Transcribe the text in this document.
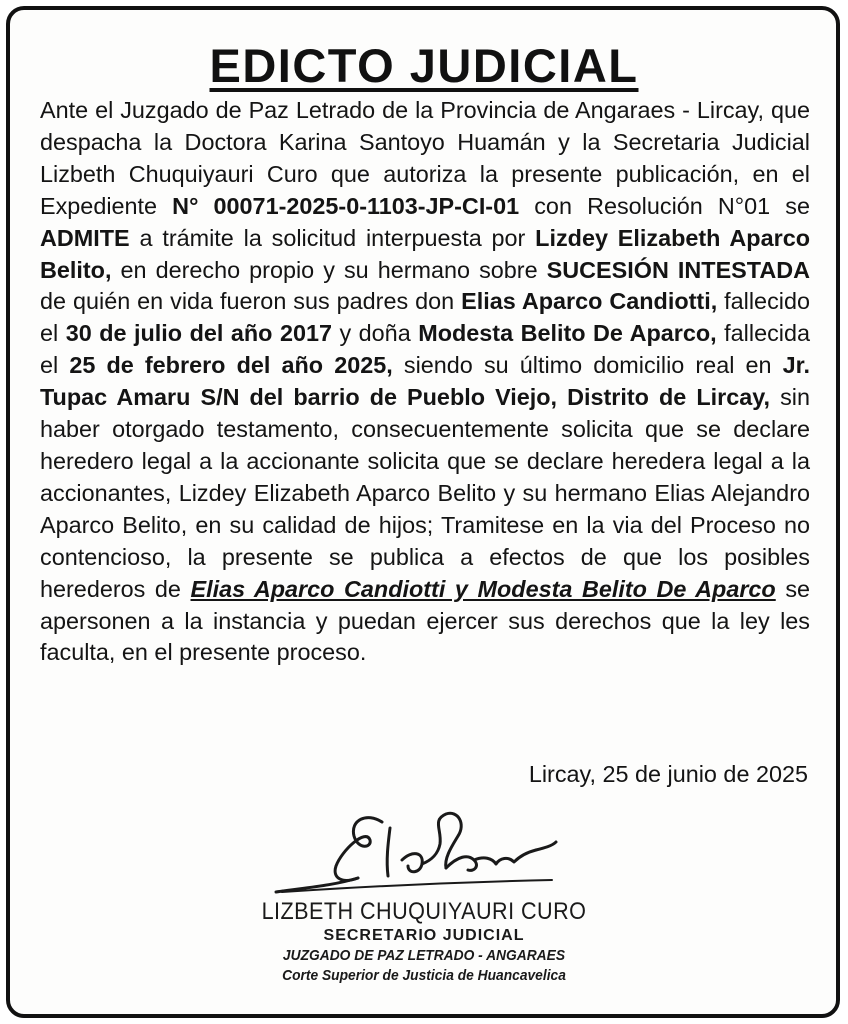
EDICTO JUDICIAL

Ante el Juzgado de Paz Letrado de la Provincia de Angaraes - Lircay, que despacha la Doctora Karina Santoyo Huamán y la Secretaria Judicial Lizbeth Chuquiyauri Curo que autoriza la presente publicación, en el Expediente N° 00071-2025-0-1103-JP-CI-01 con Resolución N°01 se ADMITE a trámite la solicitud interpuesta por Lizdey Elizabeth Aparco Belito, en derecho propio y su hermano sobre SUCESIÓN INTESTADA de quién en vida fueron sus padres don Elias Aparco Candiotti, fallecido el 30 de julio del año 2017 y doña Modesta Belito De Aparco, fallecida el 25 de febrero del año 2025, siendo su último domicilio real en Jr. Tupac Amaru S/N del barrio de Pueblo Viejo, Distrito de Lircay, sin haber otorgado testamento, consecuentemente solicita que se declare heredero legal a la accionante solicita que se declare heredera legal a la accionantes, Lizdey Elizabeth Aparco Belito y su hermano Elias Alejandro Aparco Belito, en su calidad de hijos; Tramitese en la via del Proceso no contencioso, la presente se publica a efectos de que los posibles herederos de Elias Aparco Candiotti y Modesta Belito De Aparco se apersonen a la instancia y puedan ejercer sus derechos que la ley les faculta, en el presente proceso.

Lircay, 25 de junio de 2025
LIZBETH CHUQUIYAURI CURO
SECRETARIO JUDICIAL
JUZGADO DE PAZ LETRADO - ANGARAES
Corte Superior de Justicia de Huancavelica
